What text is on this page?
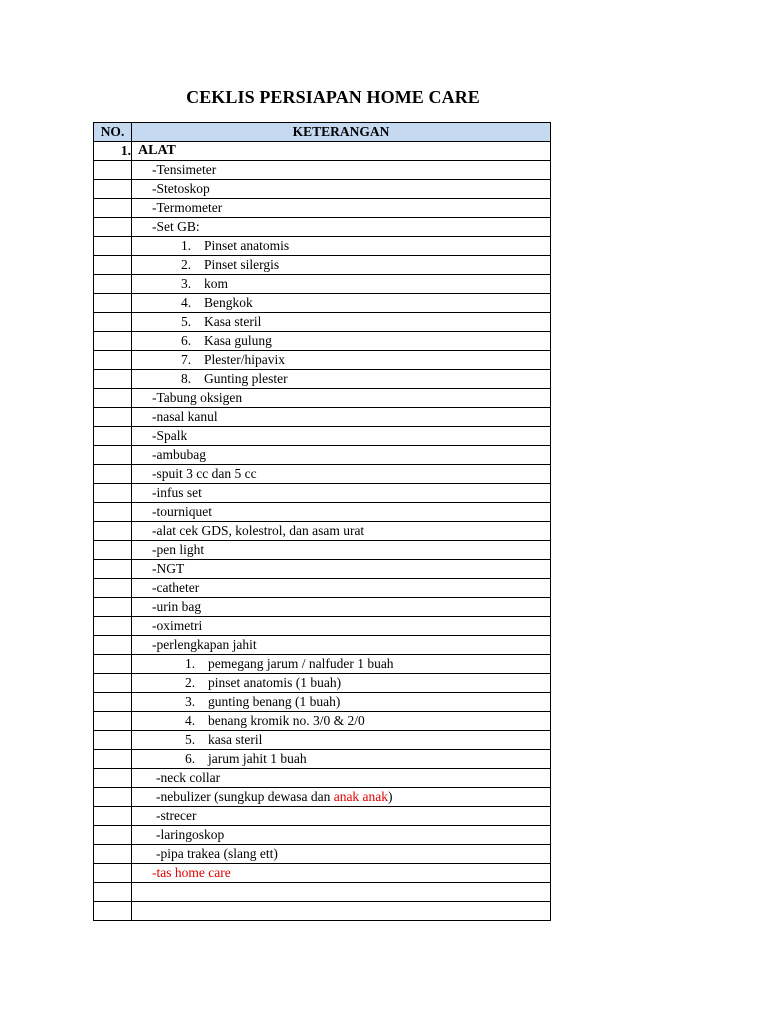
CEKLIS PERSIAPAN HOME CARE
NO.	KETERANGAN
1.	ALAT
	-Tensimeter
	-Stetoskop
	-Termometer
	-Set GB:
	1. Pinset anatomis
	2. Pinset silergis
	3. kom
	4. Bengkok
	5. Kasa steril
	6. Kasa gulung
	7. Plester/hipavix
	8. Gunting plester
	-Tabung oksigen
	-nasal kanul
	-Spalk
	-ambubag
	-spuit 3 cc dan 5 cc
	-infus set
	-tourniquet
	-alat cek GDS, kolestrol, dan asam urat
	-pen light
	-NGT
	-catheter
	-urin bag
	-oximetri
	-perlengkapan jahit
	1. pemegang jarum / nalfuder 1 buah
	2. pinset anatomis (1 buah)
	3. gunting benang (1 buah)
	4. benang kromik no. 3/0 & 2/0
	5. kasa steril
	6. jarum jahit 1 buah
	-neck collar
	-nebulizer (sungkup dewasa dan anak anak)
	-strecer
	-laringoskop
	-pipa trakea (slang ett)
	-tas home care
